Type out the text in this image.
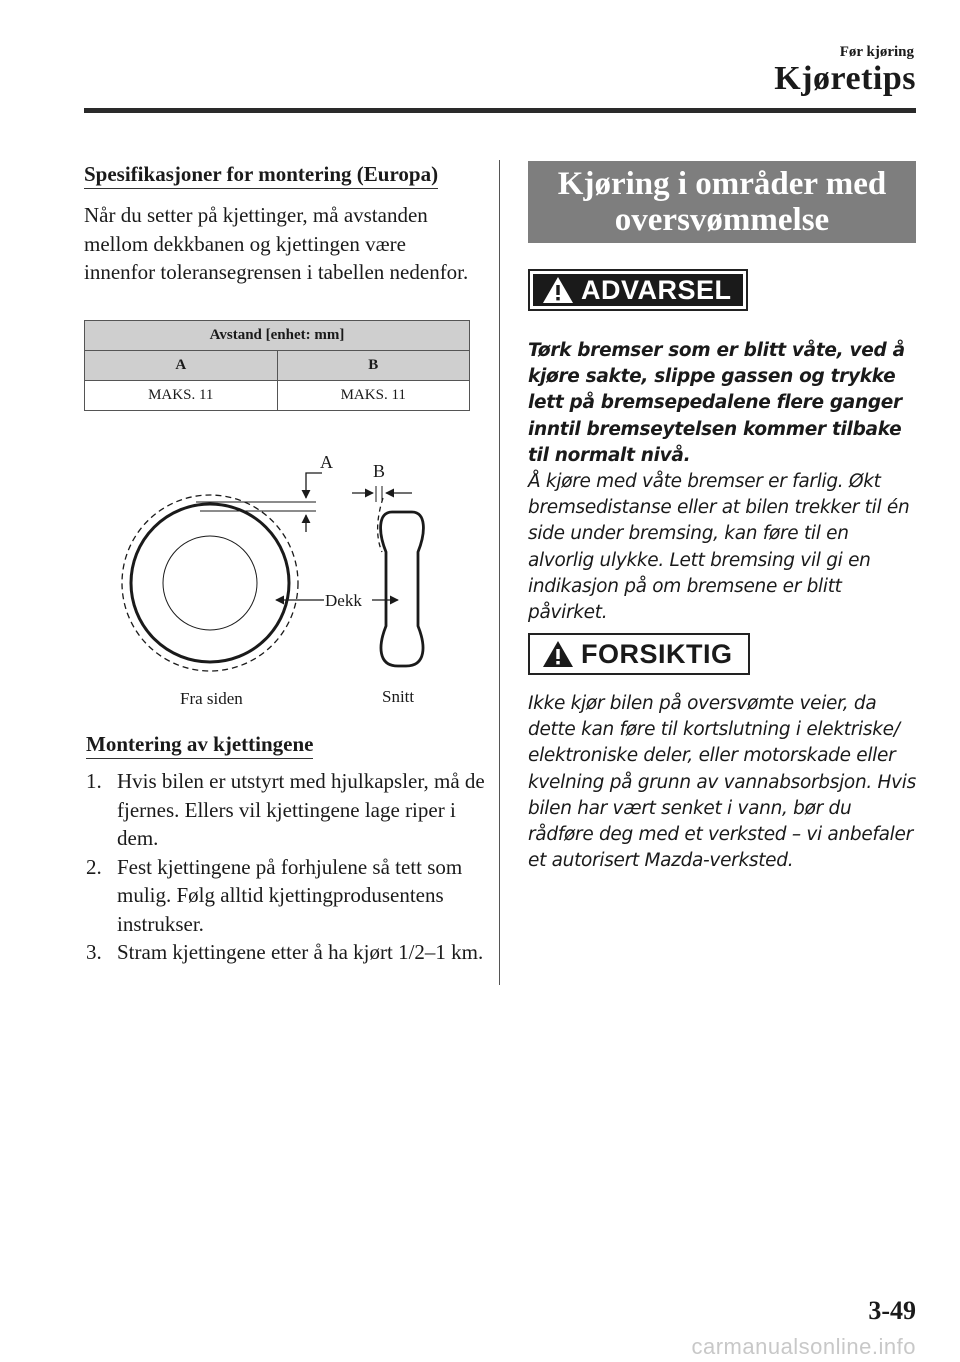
Før kjøring
Kjøretips
Spesifikasjoner for montering (Europa)
Når du setter på kjettinger, må avstanden mellom dekkbanen og kjettingen være innenfor toleransegrensen i tabellen nedenfor.
Avstand [enhet: mm]	
A	B
MAKS. 11	MAKS. 11
A B
Dekk
Fra siden	Snitt
Montering av kjettingene
1. Hvis bilen er utstyrt med hjulkapsler, må de fjernes. Ellers vil kjettingene lage riper i dem.
2. Fest kjettingene på forhjulene så tett som mulig. Følg alltid kjettingprodusentens instrukser.
3. Stram kjettingene etter å ha kjørt 1/2–1 km.
Kjøring i områder med
oversvømmelse
ADVARSEL
Tørk bremser som er blitt våte, ved å kjøre sakte, slippe gassen og trykke lett på bremsepedalene flere ganger inntil bremseytelsen kommer tilbake til normalt nivå.
Å kjøre med våte bremser er farlig. Økt bremsedistanse eller at bilen trekker til én side under bremsing, kan føre til en alvorlig ulykke. Lett bremsing vil gi en indikasjon på om bremsene er blitt påvirket.
FORSIKTIG
Ikke kjør bilen på oversvømte veier, da dette kan føre til kortslutning i elektriske/ elektroniske deler, eller motorskade eller kvelning på grunn av vannabsorbsjon. Hvis bilen har vært senket i vann, bør du rådføre deg med et verksted – vi anbefaler et autorisert Mazda-verksted.
3-49
carmanualsonline.info
